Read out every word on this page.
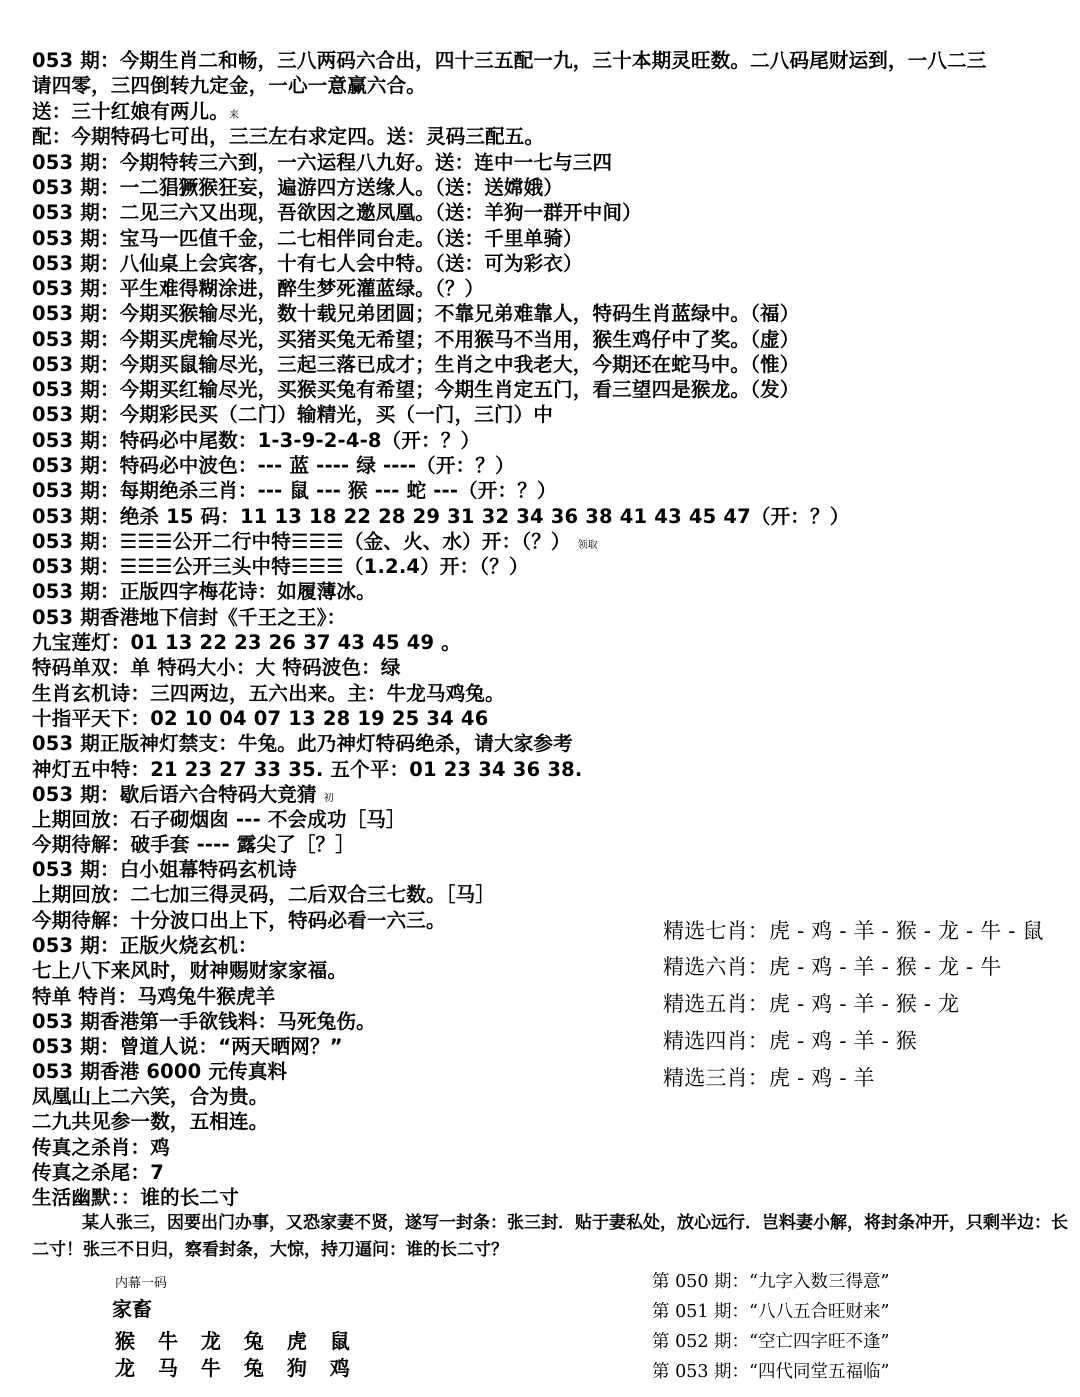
053 期：今期生肖二和畅，三八两码六合出，四十三五配一九，三十本期灵旺数。二八码尾财运到，一八二三
请四零，三四倒转九定金，一心一意赢六合。
送：三十红娘有两儿。来
配：今期特码七可出，三三左右求定四。送：灵码三配五。
053 期：今期特转三六到，一六运程八九好。送：连中一七与三四
053 期：一二猖獗猴狂妄，遍游四方送缘人。（送：送嫦娥）
053 期：二见三六又出现，吾欲因之邀凤凰。（送：羊狗一群开中间）
053 期：宝马一匹值千金，二七相伴同台走。（送：千里单骑）
053 期：八仙桌上会宾客，十有七人会中特。（送：可为彩衣）
053 期：平生难得糊涂进，醉生梦死灌蓝绿。（？）
053 期：今期买猴输尽光，数十载兄弟团圆；不靠兄弟难靠人，特码生肖蓝绿中。（福）
053 期：今期买虎输尽光，买猪买兔无希望；不用猴马不当用，猴生鸡仔中了奖。（虚）
053 期：今期买鼠输尽光，三起三落已成才；生肖之中我老大，今期还在蛇马中。（惟）
053 期：今期买红输尽光，买猴买兔有希望；今期生肖定五门，看三望四是猴龙。（发）
053 期：今期彩民买（二门）输精光，买（一门，三门）中
053 期：特码必中尾数：1-3-9-2-4-8（开：？）
053 期：特码必中波色：--- 蓝 ---- 绿 ----（开：？）
053 期：每期绝杀三肖：--- 鼠 --- 猴 --- 蛇 ---（开：？）
053 期：绝杀 15 码：11 13 18 22 28 29 31 32 34 36 38 41 43 45 47（开：？）
053 期：☰☰☰公开二行中特☰☰☰（金、火、水）开：（？） 领取
053 期：☰☰☰公开三头中特☰☰☰（1.2.4）开：（？）
053 期：正版四字梅花诗：如履薄冰。
053 期香港地下信封《千王之王》：
九宝莲灯：01 13 22 23 26 37 43 45 49 。
特码单双：单 特码大小：大 特码波色：绿
生肖玄机诗：三四两边，五六出来。主：牛龙马鸡兔。
十指平天下：02 10 04 07 13 28 19 25 34 46
053 期正版神灯禁支：牛兔。此乃神灯特码绝杀，请大家参考
神灯五中特：21 23 27 33 35. 五个平：01 23 34 36 38.
053 期：歇后语六合特码大竞猜 初
上期回放：石子砌烟囱 --- 不会成功［马］
今期待解：破手套 ---- 露尖了［？］
053 期：白小姐幕特码玄机诗
上期回放：二七加三得灵码，二后双合三七数。［马］
今期待解：十分波口出上下，特码必看一六三。
053 期：正版火烧玄机：
七上八下来风时，财神赐财家家福。
特单 特肖：马鸡兔牛猴虎羊
053 期香港第一手欲钱料：马死兔伤。
053 期：曾道人说：“两天晒网？”
053 期香港 6000 元传真料
凤凰山上二六笑，合为贵。
二九共见参一数，五相连。
传真之杀肖：鸡
传真之杀尾：7
生活幽默：：谁的长二寸
精选七肖：虎 - 鸡 - 羊 - 猴 - 龙 - 牛 - 鼠
精选六肖：虎 - 鸡 - 羊 - 猴 - 龙 - 牛
精选五肖：虎 - 鸡 - 羊 - 猴 - 龙
精选四肖：虎 - 鸡 - 羊 - 猴
精选三肖：虎 - 鸡 - 羊
某人张三，因要出门办事，又恐家妻不贤，遂写一封条：张三封．贴于妻私处，放心远行．岂料妻小解，将封条冲开，只剩半边：长二寸！张三不日归，察看封条，大惊，持刀逼问：谁的长二寸？
内幕一码
家畜
猴 牛 龙 兔 虎 鼠
龙 马 牛 兔 狗 鸡
第 050 期：“九字入数三得意”
第 051 期：“八八五合旺财来”
第 052 期：“空亡四字旺不逢”
第 053 期：“四代同堂五福临”
